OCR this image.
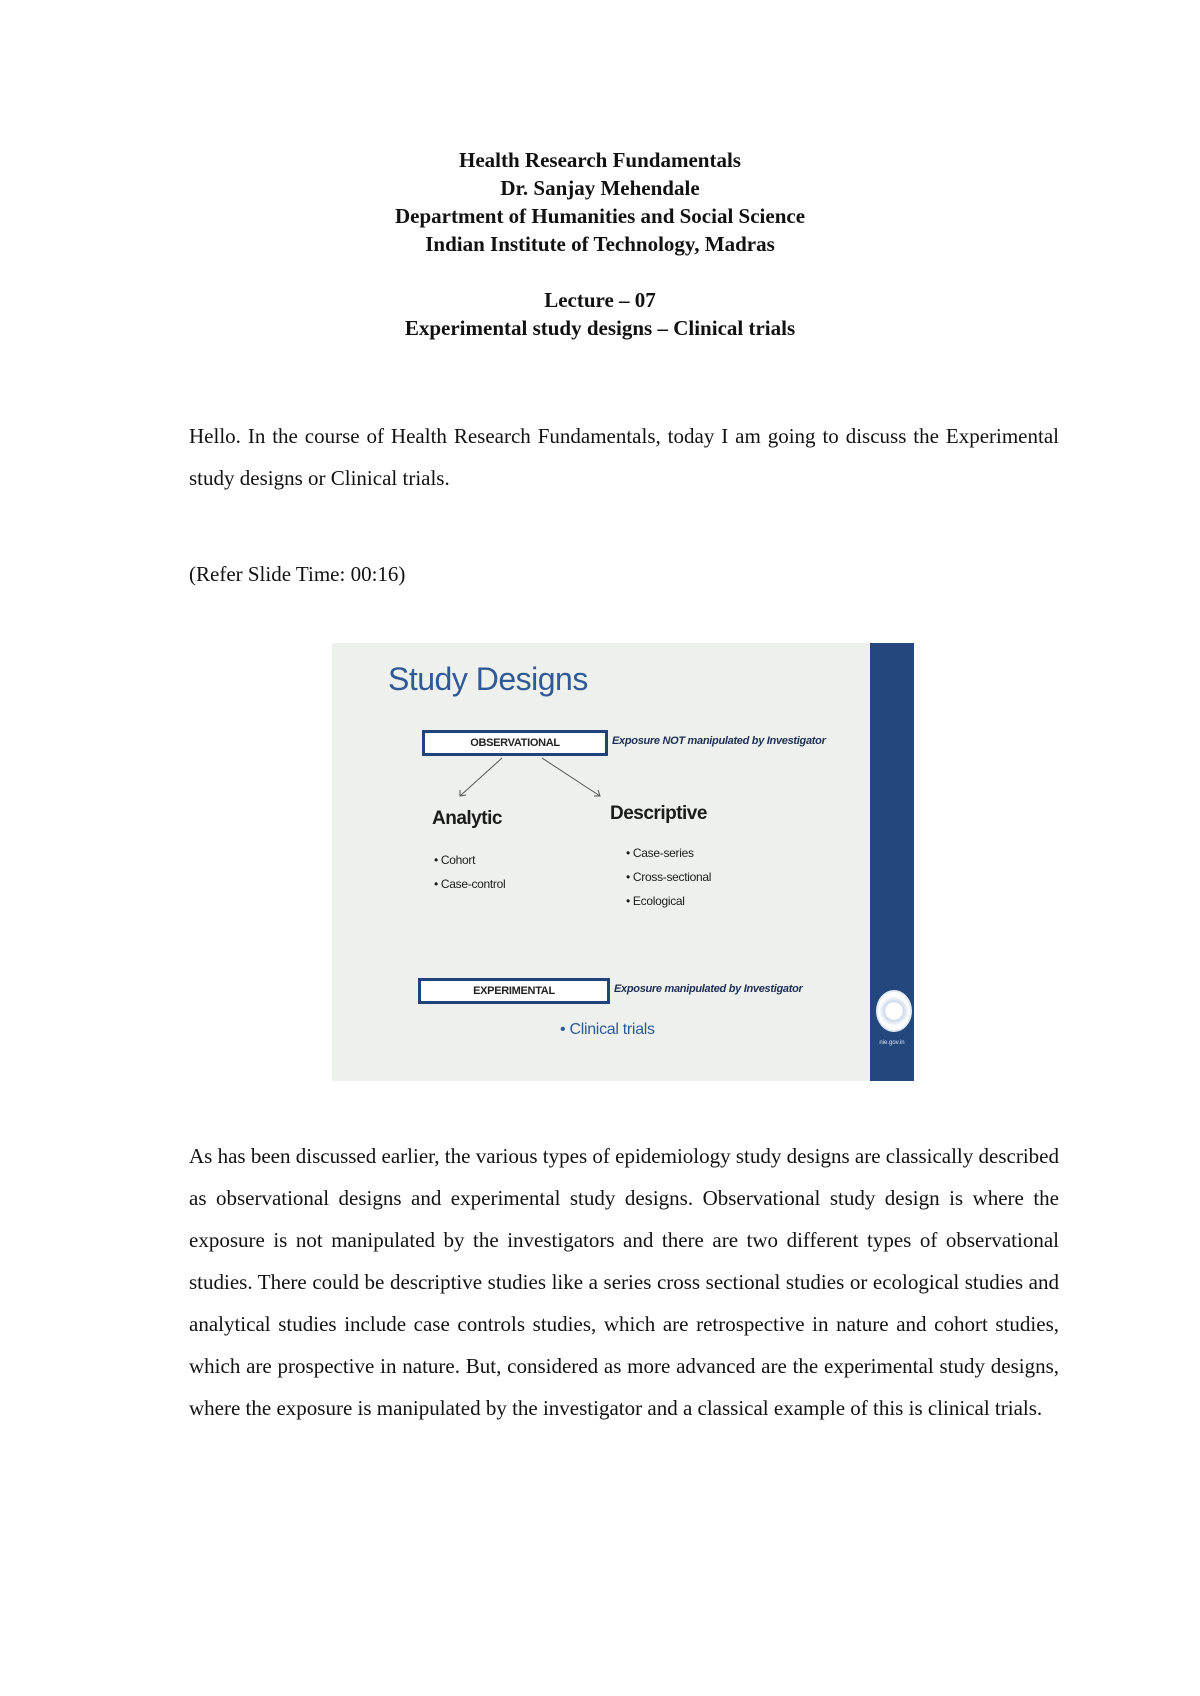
Health Research Fundamentals
Dr. Sanjay Mehendale
Department of Humanities and Social Science
Indian Institute of Technology, Madras
Lecture – 07
Experimental study designs – Clinical trials

Hello. In the course of Health Research Fundamentals, today I am going to discuss the Experimental study designs or Clinical trials.

(Refer Slide Time: 00:16)

nie.gov.in
Study Designs
OBSERVATIONAL	Exposure NOT manipulated by Investigator
Analytic
• Cohort
• Case-control
Descriptive
• Case-series
• Cross-sectional
• Ecological
EXPERIMENTAL	Exposure manipulated by Investigator
• Clinical trials

As has been discussed earlier, the various types of epidemiology study designs are classically described as observational designs and experimental study designs. Observational study design is where the exposure is not manipulated by the investigators and there are two different types of observational studies. There could be descriptive studies like a series cross sectional studies or ecological studies and analytical studies include case controls studies, which are retrospective in nature and cohort studies, which are prospective in nature. But, considered as more advanced are the experimental study designs, where the exposure is manipulated by the investigator and a classical example of this is clinical trials.
